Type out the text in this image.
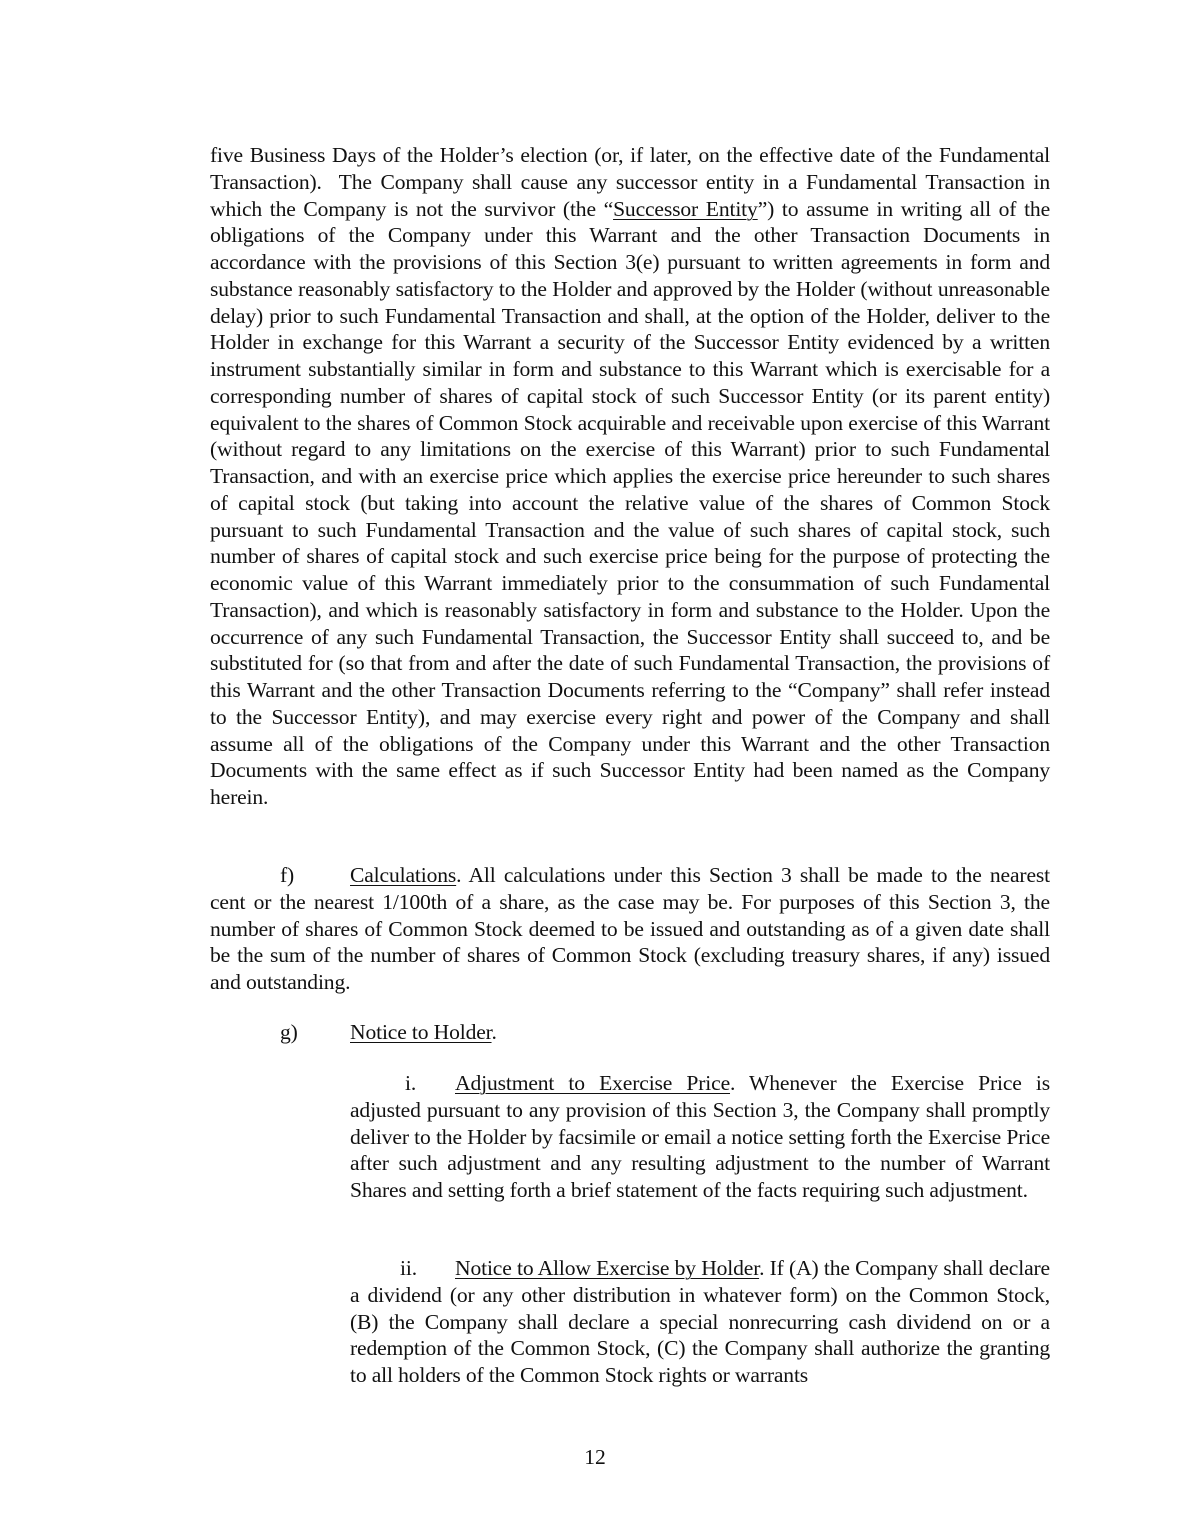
five Business Days of the Holder’s election (or, if later, on the effective date of the Fundamental Transaction).  The Company shall cause any successor entity in a Fundamental Transaction in which the Company is not the survivor (the “Successor Entity”) to assume in writing all of the obligations of the Company under this Warrant and the other Transaction Documents in accordance with the provisions of this Section 3(e) pursuant to written agreements in form and substance reasonably satisfactory to the Holder and approved by the Holder (without unreasonable delay) prior to such Fundamental Transaction and shall, at the option of the Holder, deliver to the Holder in exchange for this Warrant a security of the Successor Entity evidenced by a written instrument substantially similar in form and substance to this Warrant which is exercisable for a corresponding number of shares of capital stock of such Successor Entity (or its parent entity) equivalent to the shares of Common Stock acquirable and receivable upon exercise of this Warrant (without regard to any limitations on the exercise of this Warrant) prior to such Fundamental Transaction, and with an exercise price which applies the exercise price hereunder to such shares of capital stock (but taking into account the relative value of the shares of Common Stock pursuant to such Fundamental Transaction and the value of such shares of capital stock, such number of shares of capital stock and such exercise price being for the purpose of protecting the economic value of this Warrant immediately prior to the consummation of such Fundamental Transaction), and which is reasonably satisfactory in form and substance to the Holder. Upon the occurrence of any such Fundamental Transaction, the Successor Entity shall succeed to, and be substituted for (so that from and after the date of such Fundamental Transaction, the provisions of this Warrant and the other Transaction Documents referring to the “Company” shall refer instead to the Successor Entity), and may exercise every right and power of the Company and shall assume all of the obligations of the Company under this Warrant and the other Transaction Documents with the same effect as if such Successor Entity had been named as the Company herein.

f)	Calculations. All calculations under this Section 3 shall be made to the nearest cent or the nearest 1/100th of a share, as the case may be. For purposes of this Section 3, the number of shares of Common Stock deemed to be issued and outstanding as of a given date shall be the sum of the number of shares of Common Stock (excluding treasury shares, if any) issued and outstanding.

g) Notice to Holder.

i. Adjustment to Exercise Price. Whenever the Exercise Price is adjusted pursuant to any provision of this Section 3, the Company shall promptly deliver to the Holder by facsimile or email a notice setting forth the Exercise Price after such adjustment and any resulting adjustment to the number of Warrant Shares and setting forth a brief statement of the facts requiring such adjustment.

ii. Notice to Allow Exercise by Holder. If (A) the Company shall declare a dividend (or any other distribution in whatever form) on the Common Stock, (B) the Company shall declare a special nonrecurring cash dividend on or a redemption of the Common Stock, (C) the Company shall authorize the granting to all holders of the Common Stock rights or warrants

12
